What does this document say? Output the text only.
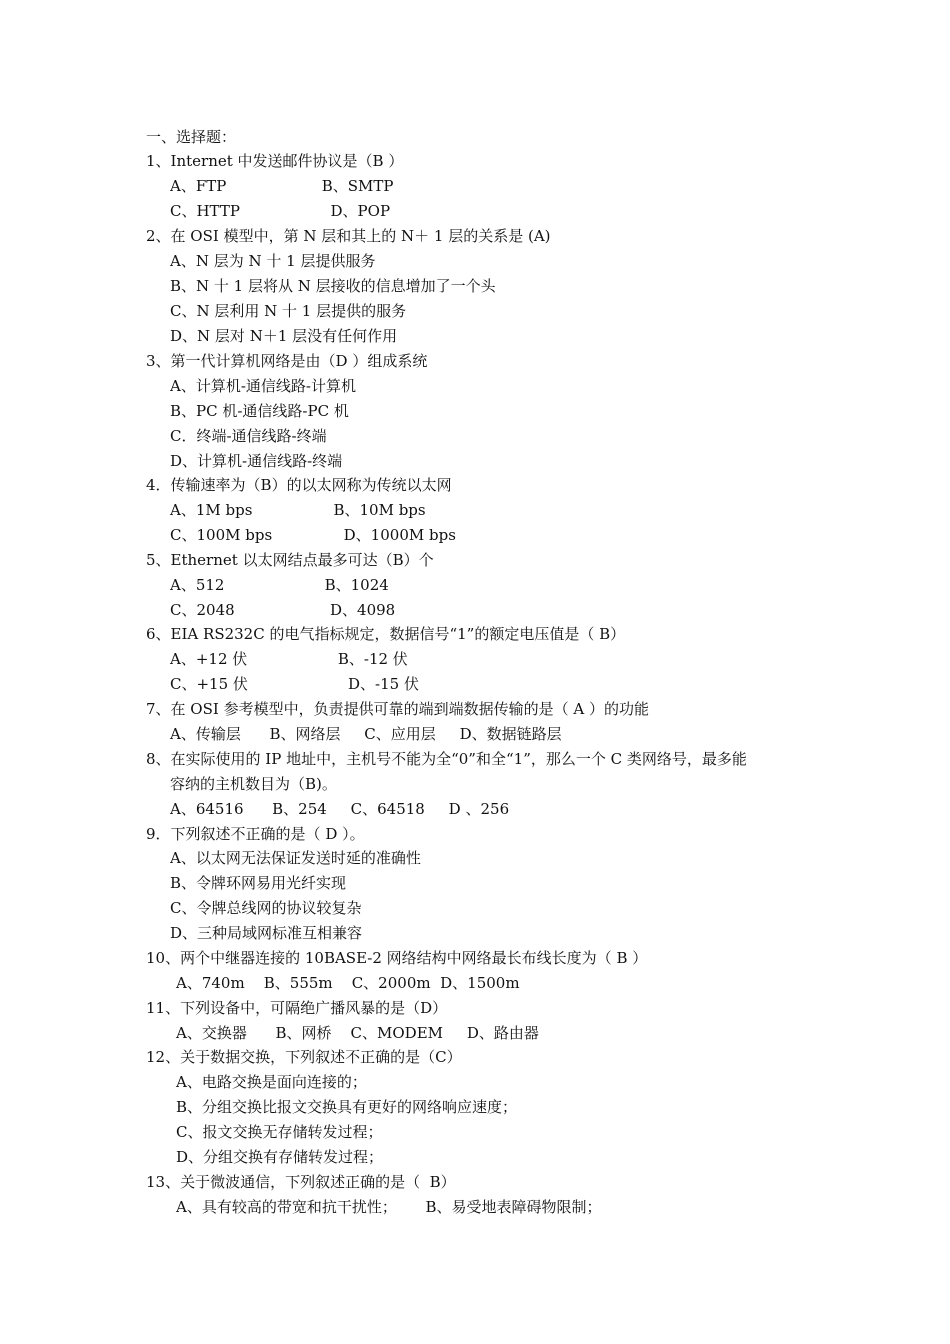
一、选择题：
1、Internet 中发送邮件协议是（B ）
A、FTP                    B、SMTP
C、HTTP                   D、POP
2、在 OSI 模型中，第 N 层和其上的 N＋ 1 层的关系是 (A)
A、N 层为 N 十 1 层提供服务
B、N 十 1 层将从 N 层接收的信息增加了一个头
C、N 层利用 N 十 1 层提供的服务
D、N 层对 N＋1 层没有任何作用
3、第一代计算机网络是由（D ）组成系统
A、计算机-通信线路-计算机
B、PC 机-通信线路-PC 机
C．终端-通信线路-终端
D、计算机-通信线路-终端
4．传输速率为（B）的以太网称为传统以太网
A、1M bps                 B、10M bps
C、100M bps               D、1000M bps
5、Ethernet 以太网结点最多可达（B）个
A、512                     B、1024
C、2048                    D、4098
6、EIA RS232C 的电气指标规定，数据信号“1”的额定电压值是（ B）
A、+12 伏                   B、-12 伏
C、+15 伏                     D、-15 伏
7、在 OSI 参考模型中，负责提供可靠的端到端数据传输的是（ A ）的功能
A、传输层      B、网络层     C、应用层     D、数据链路层
8、在实际使用的 IP 地址中，主机号不能为全“0”和全“1”，那么一个 C 类网络号，最多能
容纳的主机数目为（B)。
A、64516      B、254     C、64518     D 、256
9．下列叙述不正确的是（ D ）。
A、以太网无法保证发送时延的准确性
B、令牌环网易用光纤实现
C、令牌总线网的协议较复杂
D、三种局域网标准互相兼容
10、两个中继器连接的 10BASE-2 网络结构中网络最长布线长度为（ B ）
A、740m    B、555m    C、2000m  D、1500m
11、下列设备中，可隔绝广播风暴的是（D）
A、交换器      B、网桥    C、MODEM     D、路由器
12、关于数据交换，下列叙述不正确的是（C）
A、电路交换是面向连接的；
B、分组交换比报文交换具有更好的网络响应速度；
C、报文交换无存储转发过程；
D、分组交换有存储转发过程；
13、关于微波通信，下列叙述正确的是（  B）
A、具有较高的带宽和抗干扰性；      B、易受地表障碍物限制；
